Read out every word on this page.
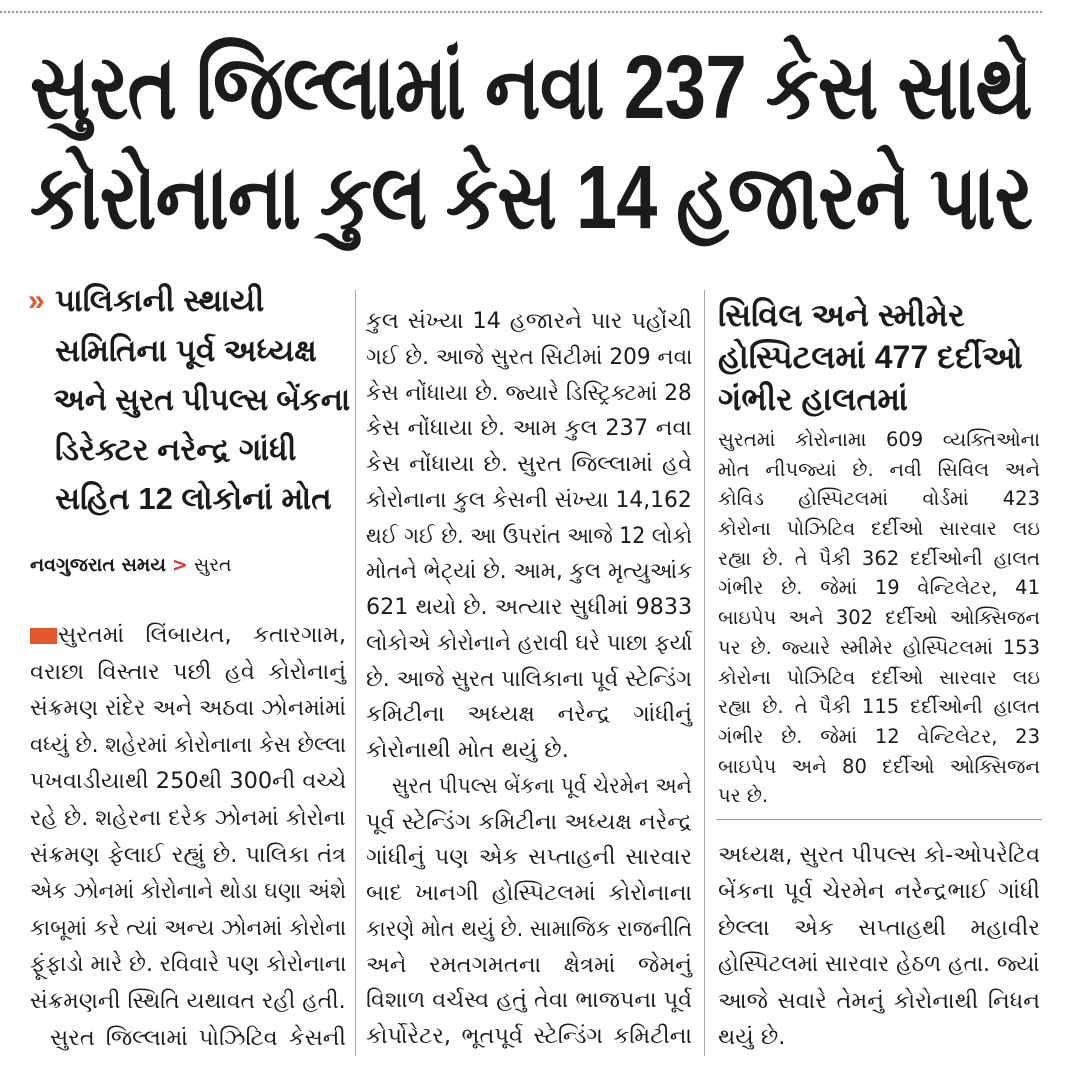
સુરત જિલ્લામાં નવા 237 કેસ સાથે
કોરોનાના કુલ કેસ 14 હજારને પાર
» પાલિકાની સ્થાયી
સમિતિના પૂર્વ અધ્યક્ષ
અને સુરત પીપલ્સ બેંકના
ડિરેક્ટર નરેન્દ્ર ગાંધી
સહિત 12 લોકોનાં મોત
નવગુજરાત સમય > સુરત
સુરતમાં લિંબાયત, કતારગામ,
વરાછા વિસ્તાર પછી હવે કોરોનાનું
સંક્રમણ રાંદેર અને અઠવા ઝોનમાંમાં
વધ્યું છે. શહેરમાં કોરોનાના કેસ છેલ્લા
પખવાડીયાથી 250થી 300ની વચ્ચે
રહે છે. શહેરના દરેક ઝોનમાં કોરોના
સંક્રમણ ફેલાઈ રહ્યું છે. પાલિકા તંત્ર
એક ઝોનમાં કોરોનાને થોડા ઘણા અંશે
કાબૂમાં કરે ત્યાં અન્ય ઝોનમાં કોરોના
ફૂંફાડો મારે છે. રવિવારે પણ કોરોનાના
સંક્રમણની સ્થિતિ યથાવત રહી હતી.
સુરત જિલ્લામાં પોઝિટિવ કેસની
કુલ સંખ્યા 14 હજારને પાર પહોંચી
ગઈ છે. આજે સુરત સિટીમાં 209 નવા
કેસ નોંધાયા છે. જ્યારે ડિસ્ટ્રિક્ટમાં 28
કેસ નોંધાયા છે. આમ કુલ 237 નવા
કેસ નોંધાયા છે. સુરત જિલ્લામાં હવે
કોરોનાના કુલ કેસની સંખ્યા 14,162
થઈ ગઈ છે. આ ઉપરાંત આજે 12 લોકો
મોતને ભેટ્યાં છે. આમ, કુલ મૃત્યુઆંક
621 થયો છે. અત્યાર સુધીમાં 9833
લોકોએ કોરોનાને હરાવી ઘરે પાછા ફર્યા
છે. આજે સુરત પાલિકાના પૂર્વ સ્ટેન્ડિંગ
કમિટીના અધ્યક્ષ નરેન્દ્ર ગાંધીનું
કોરોનાથી મોત થયું છે.
સુરત પીપલ્સ બેંકના પૂર્વ ચેરમેન અને
પૂર્વ સ્ટેન્ડિંગ કમિટીના અધ્યક્ષ નરેન્દ્ર
ગાંધીનું પણ એક સપ્તાહની સારવાર
બાદ ખાનગી હોસ્પિટલમાં કોરોનાના
કારણે મોત થયું છે. સામાજિક રાજનીતિ
અને રમતગમતના ક્ષેત્રમાં જેમનું
વિશાળ વર્ચસ્વ હતું તેવા ભાજપના પૂર્વ
કોર્પોરેટર, ભૂતપૂર્વ સ્ટેન્ડિંગ કમિટીના
સિવિલ અને સ્મીમેર
હોસ્પિટલમાં 477 દર્દીઓ
ગંભીર હાલતમાં
સુરતમાં કોરોનામા 609 વ્યક્તિઓના
મોત નીપજ્યાં છે. નવી સિવિલ અને
કોવિડ હોસ્પિટલમાં વોર્ડમાં 423
કોરોના પોઝિટિવ દર્દીઓ સારવાર લઇ
રહ્યા છે. તે પૈકી 362 દર્દીઓની હાલત
ગંભીર છે. જેમાં 19 વેન્ટિલેટર, 41
બાઇપેપ અને 302 દર્દીઓ ઓક્સિજન
પર છે. જ્યારે સ્મીમેર હોસ્પિટલમાં 153
કોરોના પોઝિટિવ દર્દીઓ સારવાર લઇ
રહ્યા છે. તે પૈકી 115 દર્દીઓની હાલત
ગંભીર છે. જેમાં 12 વેન્ટિલેટર, 23
બાઇપેપ અને 80 દર્દીઓ ઓક્સિજન
પર છે.
અધ્યક્ષ, સુરત પીપલ્સ કો-ઓપરેટિવ
બેંકના પૂર્વ ચેરમેન નરેન્દ્રભાઈ ગાંધી
છેલ્લા એક સપ્તાહથી મહાવીર
હોસ્પિટલમાં સારવાર હેઠળ હતા. જ્યાં
આજે સવારે તેમનું કોરોનાથી નિધન
થયું છે.
